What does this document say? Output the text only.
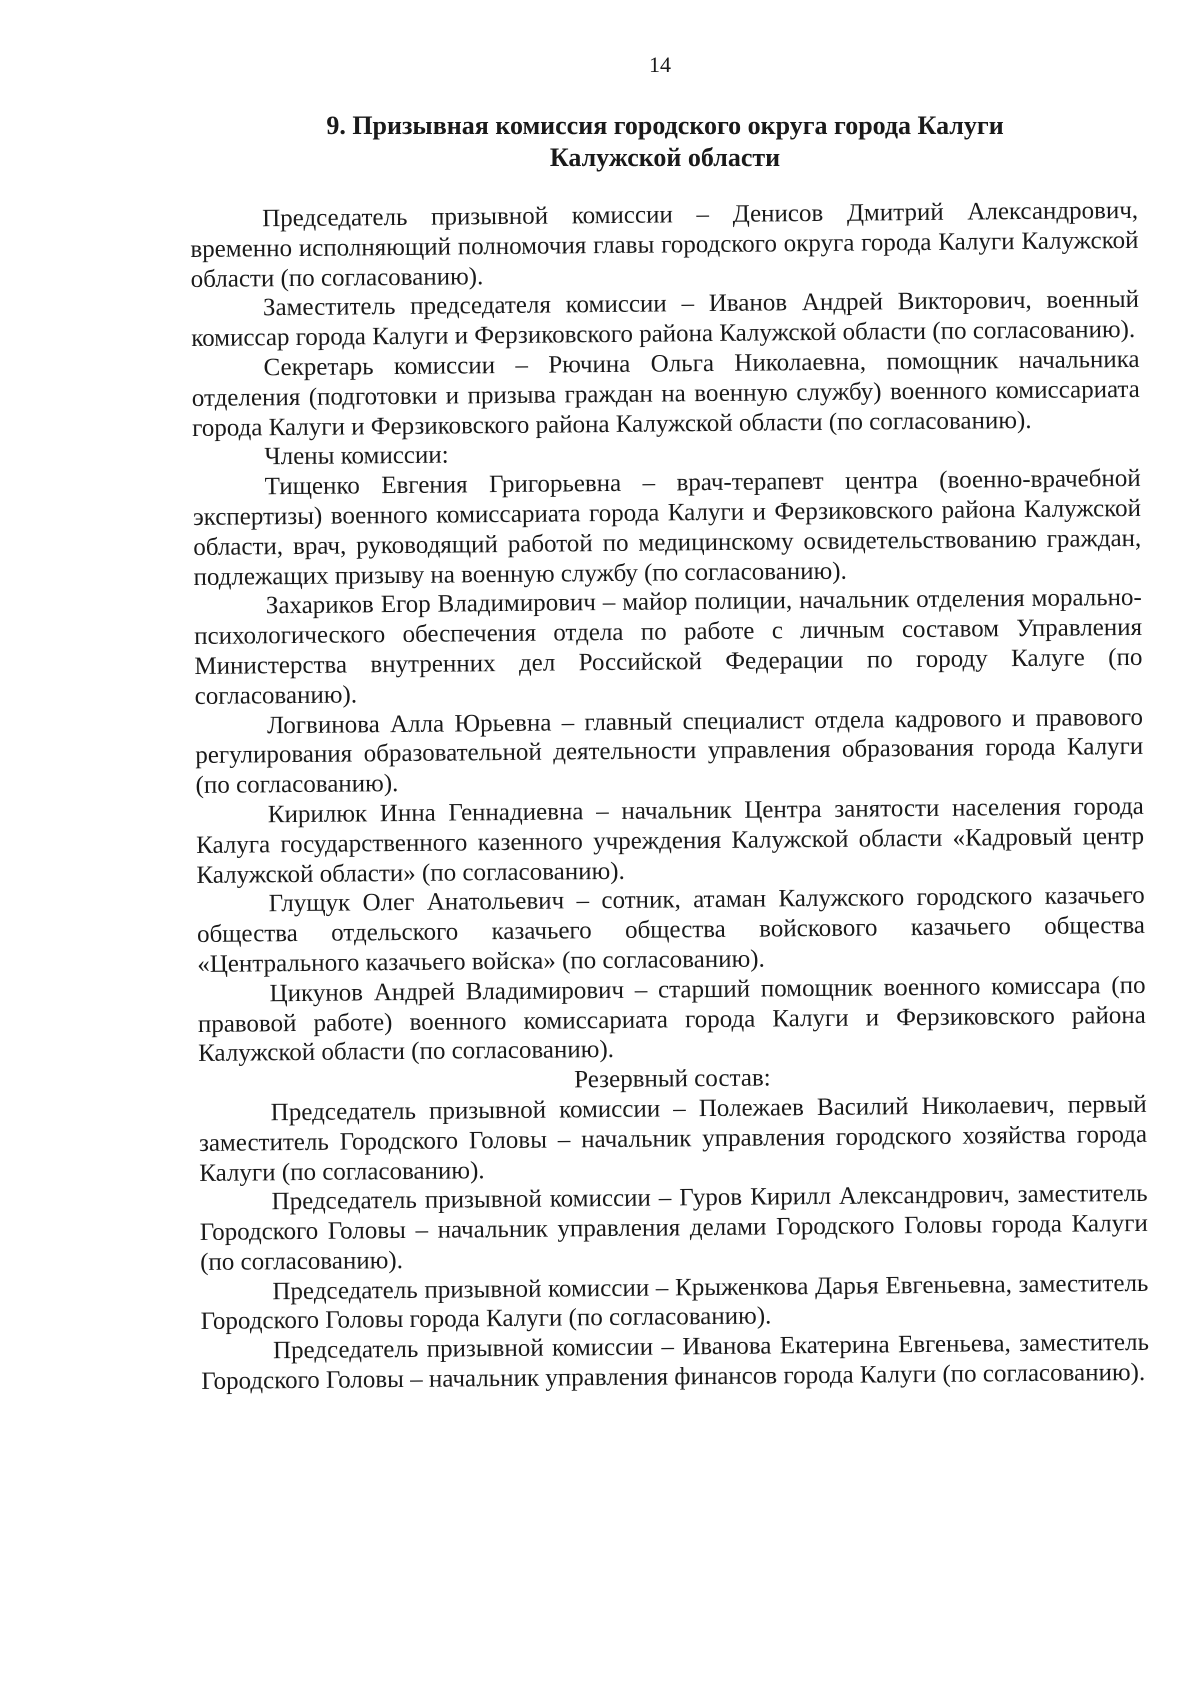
14
9. Призывная комиссия городского округа города Калуги
Калужской области

Председатель призывной комиссии – Денисов Дмитрий Александрович, временно исполняющий полномочия главы городского округа города Калуги Калужской области (по согласованию).

Заместитель председателя комиссии – Иванов Андрей Викторович, военный комиссар города Калуги и Ферзиковского района Калужской области (по согласованию).

Секретарь комиссии – Рючина Ольга Николаевна, помощник начальника отделения (подготовки и призыва граждан на военную службу) военного комиссариата города Калуги и Ферзиковского района Калужской области (по согласованию).

Члены комиссии:

Тищенко Евгения Григорьевна – врач-терапевт центра (военно-врачебной экспертизы) военного комиссариата города Калуги и Ферзиковского района Калужской области, врач, руководящий работой по медицинскому освидетельствованию граждан, подлежащих призыву на военную службу (по согласованию).

Захариков Егор Владимирович – майор полиции, начальник отделения морально-психологического обеспечения отдела по работе с личным составом Управления Министерства внутренних дел Российской Федерации по городу Калуге (по согласованию).

Логвинова Алла Юрьевна – главный специалист отдела кадрового и правового регулирования образовательной деятельности управления образования города Калуги (по согласованию).

Кирилюк Инна Геннадиевна – начальник Центра занятости населения города Калуга государственного казенного учреждения Калужской области «Кадровый центр Калужской области» (по согласованию).

Глущук Олег Анатольевич – сотник, атаман Калужского городского казачьего общества отдельского казачьего общества войскового казачьего общества «Центрального казачьего войска» (по согласованию).

Цикунов Андрей Владимирович – старший помощник военного комиссара (по правовой работе) военного комиссариата города Калуги и Ферзиковского района Калужской области (по согласованию).

Резервный состав:

Председатель призывной комиссии – Полежаев Василий Николаевич, первый заместитель Городского Головы – начальник управления городского хозяйства города Калуги (по согласованию).

Председатель призывной комиссии – Гуров Кирилл Александрович, заместитель Городского Головы – начальник управления делами Городского Головы города Калуги (по согласованию).

Председатель призывной комиссии – Крыженкова Дарья Евгеньевна, заместитель Городского Головы города Калуги (по согласованию).

Председатель призывной комиссии – Иванова Екатерина Евгеньева, заместитель Городского Головы – начальник управления финансов города Калуги (по согласованию).
